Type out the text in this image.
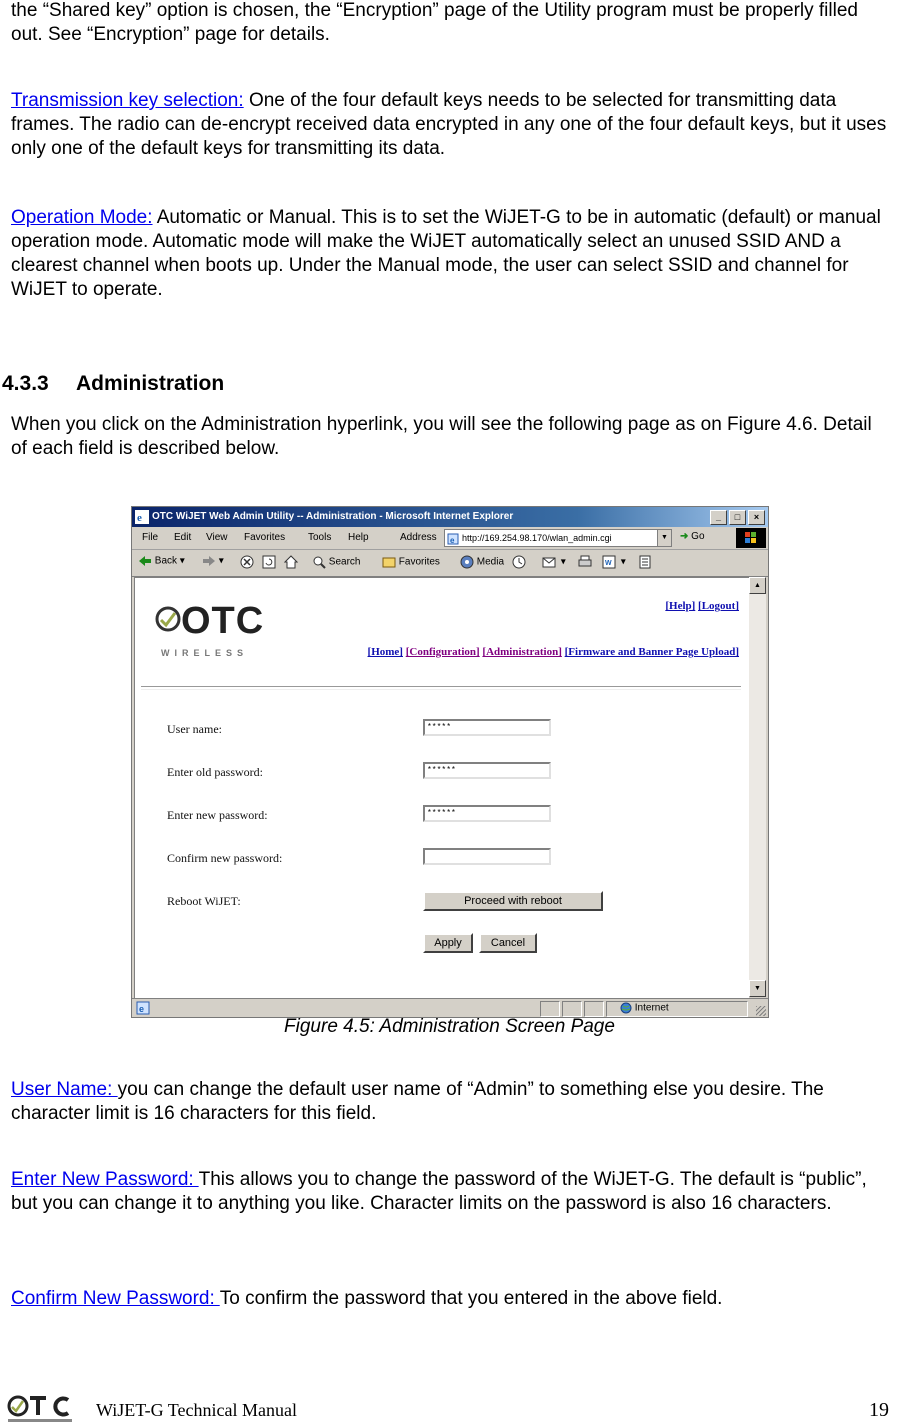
the “Shared key” option is chosen, the “Encryption” page of the Utility program must be properly filled out. See “Encryption” page for details.

Transmission key selection: One of the four default keys needs to be selected for transmitting data frames. The radio can de-encrypt received data encrypted in any one of the four default keys, but it uses only one of the default keys for transmitting its data.

Operation Mode: Automatic or Manual. This is to set the WiJET-G to be in automatic (default) or manual operation mode. Automatic mode will make the WiJET automatically select an unused SSID AND a clearest channel when boots up. Under the Manual mode, the user can select SSID and channel for WiJET to operate.

4.3.3 Administration

When you click on the Administration hyperlink, you will see the following page as on Figure 4.6. Detail of each field is described below.

e OTC WiJET Web Admin Utility -- Administration - Microsoft Internet Explorer	_	□	×
File Edit View Favorites Tools Help	Address e http://169.254.98.170/wlan_admin.cgi	▼	➜ Go
Back ▾	▾	Search	Favorites	Media	▾	W ▾
OTC
WIRELESS
[Help] [Logout]
[Home] [Configuration] [Administration] [Firmware and Banner Page Upload]
User name:	*****
Enter old password:	******
Enter new password:	******
Confirm new password:
Reboot WiJET:	Proceed with reboot
Apply	Cancel
▲
▼
e	Internet
Figure 4.5: Administration Screen Page

User Name: you can change the default user name of “Admin” to something else you desire. The character limit is 16 characters for this field.

Enter New Password: This allows you to change the password of the WiJET-G. The default is “public”, but you can change it to anything you like. Character limits on the password is also 16 characters.

Confirm New Password: To confirm the password that you entered in the above field.

WiJET-G Technical Manual	19
